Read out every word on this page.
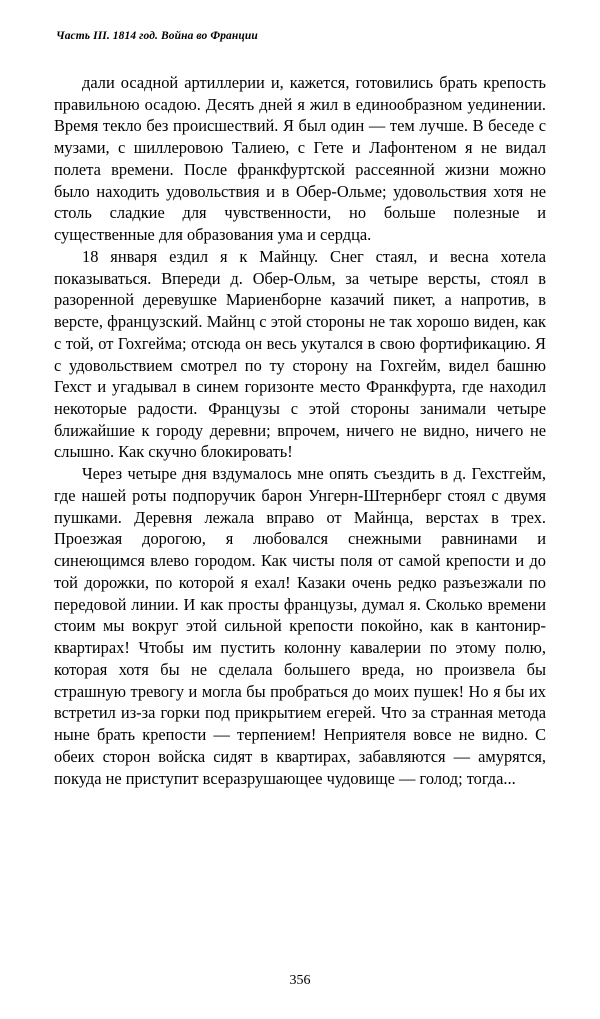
Часть III. 1814 год. Война во Франции

дали осадной артиллерии и, кажется, готовились брать крепость правильною осадою. Десять дней я жил в единообразном уединении. Время текло без происшествий. Я был один — тем лучше. В беседе с музами, с шиллеровою Талиею, с Гете и Лафонтеном я не видал полета времени. После франкфуртской рассеянной жизни можно было находить удовольствия и в Обер-Ольме; удовольствия хотя не столь сладкие для чувственности, но больше полезные и существенные для образования ума и сердца.

18 января ездил я к Майнцу. Снег стаял, и весна хотела показываться. Впереди д. Обер-Ольм, за четыре версты, стоял в разоренной деревушке Мариенборне казачий пикет, а напротив, в версте, французский. Майнц с этой стороны не так хорошо виден, как с той, от Гохгейма; отсюда он весь укутался в свою фортификацию. Я с удовольствием смотрел по ту сторону на Гохгейм, видел башню Гехст и угадывал в синем горизонте место Франкфурта, где находил некоторые радости. Французы с этой стороны занимали четыре ближайшие к городу деревни; впрочем, ничего не видно, ничего не слышно. Как скучно блокировать!

Через четыре дня вздумалось мне опять съездить в д. Гехстгейм, где нашей роты подпоручик барон Унгерн-Штернберг стоял с двумя пушками. Деревня лежала вправо от Майнца, верстах в трех. Проезжая дорогою, я любовался снежными равнинами и синеющимся влево городом. Как чисты поля от самой крепости и до той дорожки, по которой я ехал! Казаки очень редко разъезжали по передовой линии. И как просты французы, думал я. Сколько времени стоим мы вокруг этой сильной крепости покойно, как в кантонир-квартирах! Чтобы им пустить колонну кавалерии по этому полю, которая хотя бы не сделала большего вреда, но произвела бы страшную тревогу и могла бы пробраться до моих пушек! Но я бы их встретил из-за горки под прикрытием егерей. Что за странная метода ныне брать крепости — терпением! Неприятеля вовсе не видно. С обеих сторон войска сидят в квартирах, забавляются — амурятся, покуда не приступит всеразрушающее чудовище — голод; тогда...

356
